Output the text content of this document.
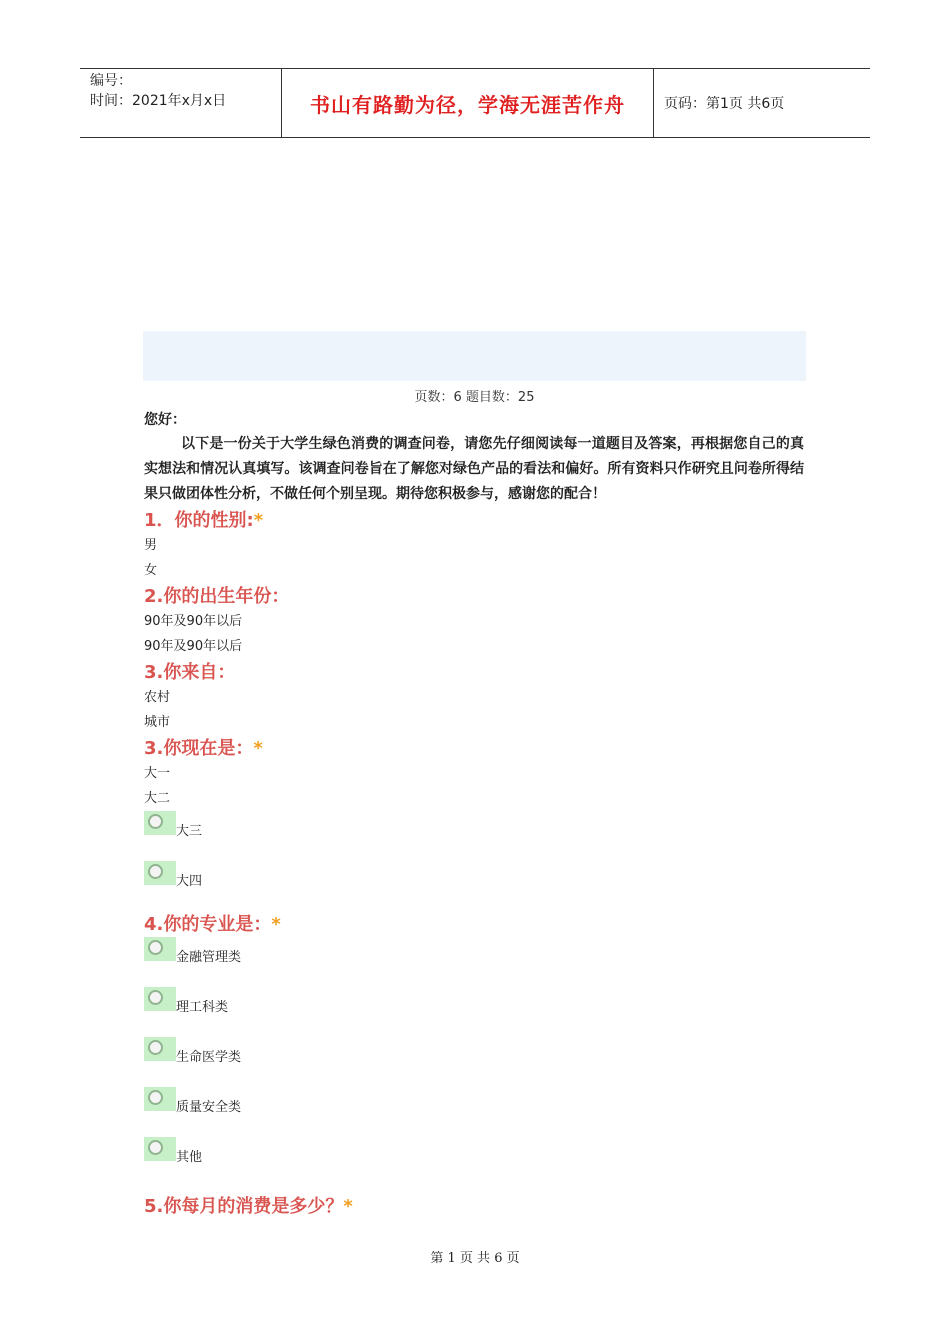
编号：
时间：2021年x月x日	书山有路勤为径，学海无涯苦作舟	页码：第1页 共6页
页数：6 题目数：25
您好：
以下是一份关于大学生绿色消费的调查问卷，请您先仔细阅读每一道题目及答案，再根据您自己的真实想法和情况认真填写。该调查问卷旨在了解您对绿色产品的看法和偏好。所有资料只作研究且问卷所得结果只做团体性分析，不做任何个别呈现。期待您积极参与，感谢您的配合！
1．你的性别:*
男
女
2.你的出生年份：
90年及90年以后
90年及90年以后
3.你来自：
农村
城市
3.你现在是：*
大一
大二
大三
大四
4.你的专业是：*
金融管理类
理工科类
生命医学类
质量安全类
其他
5.你每月的消费是多少？*
第 1 页 共 6 页
